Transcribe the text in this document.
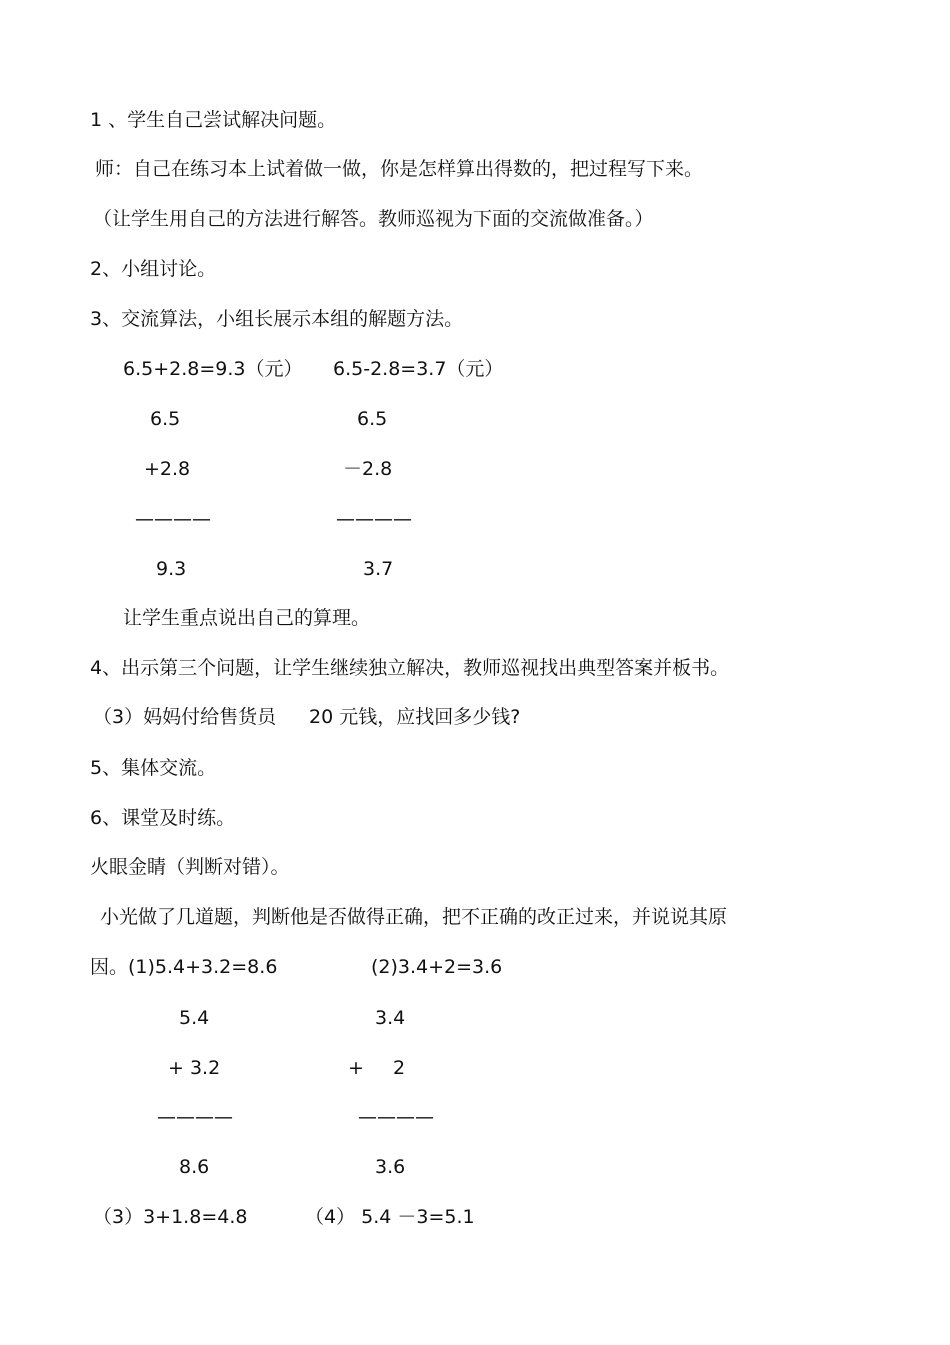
1 、学生自己尝试解决问题。
师：自己在练习本上试着做一做，你是怎样算出得数的，把过程写下来。
（让学生用自己的方法进行解答。教师巡视为下面的交流做准备。）
2、小组讨论。
3、交流算法，小组长展示本组的解题方法。
6.5+2.8=9.3（元） 6.5-2.8=3.7（元）
6.5
+2.8
————
9.3
6.5
－2.8
————
3.7
让学生重点说出自己的算理。
4、出示第三个问题，让学生继续独立解决，教师巡视找出典型答案并板书。
（3）妈妈付给售货员 20 元钱，应找回多少钱?
5、集体交流。
6、课堂及时练。
火眼金睛（判断对错）。
小光做了几道题，判断他是否做得正确，把不正确的改正过来，并说说其原
因。(1)5.4+3.2=8.6	(2)3.4+2=3.6
5.4
+ 3.2
————
8.6
3.4
+ 2
————
3.6
（3）3+1.8=4.8	（4） 5.4 －3=5.1
